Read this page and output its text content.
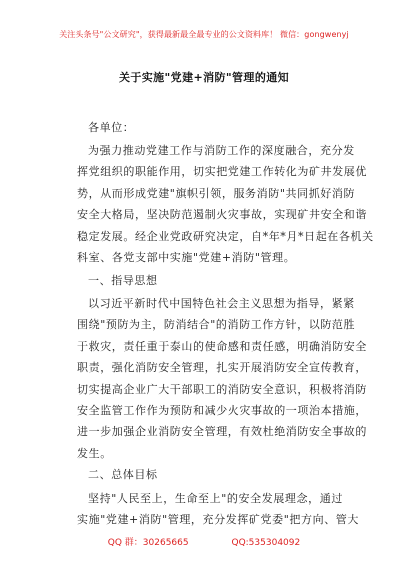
关注头条号"公文研究"，获得最新最全最专业的公文资料库！ 微信：gongwenyj
关于实施"党建+消防"管理的通知
各单位：
为强力推动党建工作与消防工作的深度融合，充分发
挥党组织的职能作用，切实把党建工作转化为矿井发展优
势，从而形成党建"旗帜引领，服务消防"共同抓好消防
安全大格局，坚决防范遏制火灾事故，实现矿井安全和谐
稳定发展。经企业党政研究决定，自*年*月*日起在各机关
科室、各党支部中实施"党建+消防"管理。
一、指导思想
以习近平新时代中国特色社会主义思想为指导，紧紧
围绕"预防为主，防消结合"的消防工作方针，以防范胜
于救灾，责任重于泰山的使命感和责任感，明确消防安全
职责，强化消防安全管理，扎实开展消防安全宣传教育，
切实提高企业广大干部职工的消防安全意识，积极将消防
安全监管工作作为预防和减少火灾事故的一项治本措施，
进一步加强企业消防安全管理，有效杜绝消防安全事故的
发生。
二、总体目标
坚持"人民至上，生命至上"的安全发展理念，通过
实施"党建+消防"管理，充分发挥矿党委"把方向、管大
QQ 群：30265665	QQ:535304092
